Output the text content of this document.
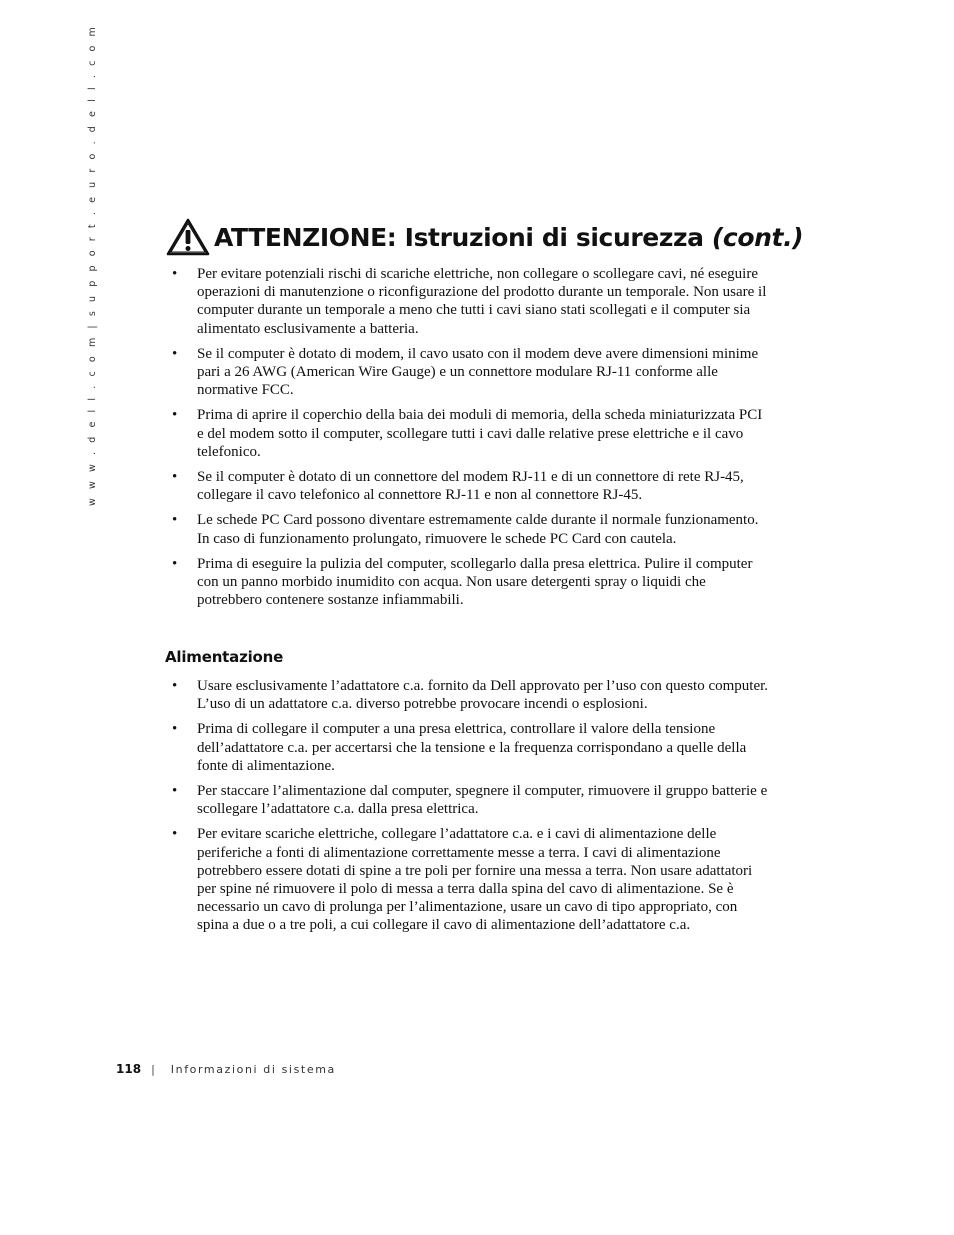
w w w . d e l l . c o m | s u p p o r t . e u r o . d e l l . c o m	ATTENZIONE: Istruzioni di sicurezza (cont.)
• Per evitare potenziali rischi di scariche elettriche, non collegare o scollegare cavi, né eseguire operazioni di manutenzione o riconfigurazione del prodotto durante un temporale. Non usare il computer durante un temporale a meno che tutti i cavi siano stati scollegati e il computer sia alimentato esclusivamente a batteria.
• Se il computer è dotato di modem, il cavo usato con il modem deve avere dimensioni minime pari a 26 AWG (American Wire Gauge) e un connettore modulare RJ-11 conforme alle normative FCC.
• Prima di aprire il coperchio della baia dei moduli di memoria, della scheda miniaturizzata PCI e del modem sotto il computer, scollegare tutti i cavi dalle relative prese elettriche e il cavo telefonico.
• Se il computer è dotato di un connettore del modem RJ-11 e di un connettore di rete RJ-45, collegare il cavo telefonico al connettore RJ-11 e non al connettore RJ-45.
• Le schede PC Card possono diventare estremamente calde durante il normale funzionamento. In caso di funzionamento prolungato, rimuovere le schede PC Card con cautela.
• Prima di eseguire la pulizia del computer, scollegarlo dalla presa elettrica. Pulire il computer con un panno morbido inumidito con acqua. Non usare detergenti spray o liquidi che potrebbero contenere sostanze infiammabili.
Alimentazione
• Usare esclusivamente l’adattatore c.a. fornito da Dell approvato per l’uso con questo computer. L’uso di un adattatore c.a. diverso potrebbe provocare incendi o esplosioni.
• Prima di collegare il computer a una presa elettrica, controllare il valore della tensione dell’adattatore c.a. per accertarsi che la tensione e la frequenza corrispondano a quelle della fonte di alimentazione.
• Per staccare l’alimentazione dal computer, spegnere il computer, rimuovere il gruppo batterie e scollegare l’adattatore c.a. dalla presa elettrica.
• Per evitare scariche elettriche, collegare l’adattatore c.a. e i cavi di alimentazione delle periferiche a fonti di alimentazione correttamente messe a terra. I cavi di alimentazione potrebbero essere dotati di spine a tre poli per fornire una messa a terra. Non usare adattatori per spine né rimuovere il polo di messa a terra dalla spina del cavo di alimentazione. Se è necessario un cavo di prolunga per l’alimentazione, usare un cavo di tipo appropriato, con spina a due o a tre poli, a cui collegare il cavo di alimentazione dell’adattatore c.a.
118 | Informazioni di sistema
